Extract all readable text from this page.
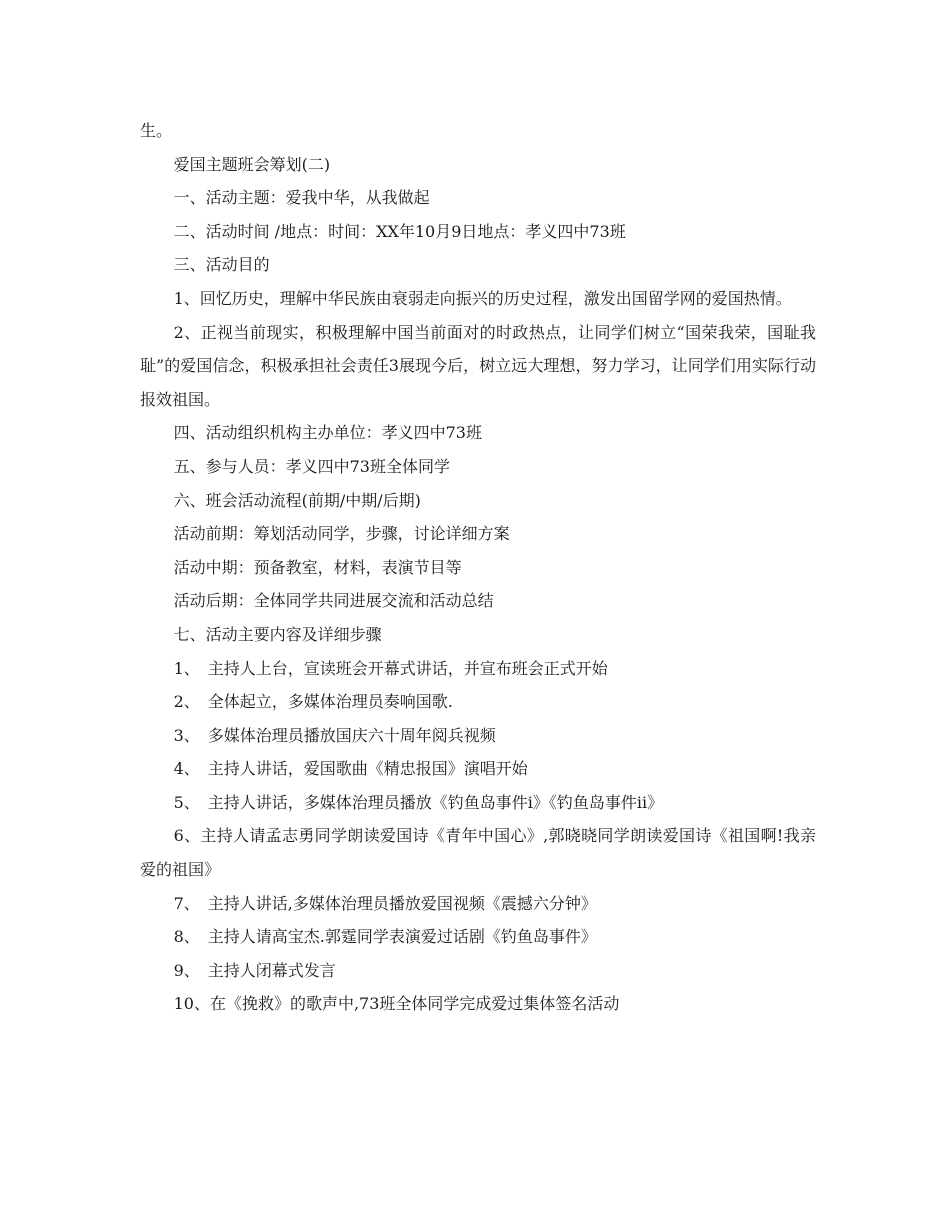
生。

爱国主题班会筹划(二)

一、活动主题：爱我中华，从我做起

二、活动时间 /地点：时间：XX年10月9日地点：孝义四中73班

三、活动目的

1、回忆历史，理解中华民族由衰弱走向振兴的历史过程，激发出国留学网的爱国热情。

2、正视当前现实，积极理解中国当前面对的时政热点，让同学们树立“国荣我荣，国耻我耻”的爱国信念，积极承担社会责任3展现今后，树立远大理想，努力学习，让同学们用实际行动报效祖国。

四、活动组织机构主办单位：孝义四中73班

五、参与人员：孝义四中73班全体同学

六、班会活动流程(前期/中期/后期)

活动前期：筹划活动同学，步骤，讨论详细方案

活动中期：预备教室，材料，表演节目等

活动后期：全体同学共同进展交流和活动总结

七、活动主要内容及详细步骤

1、　主持人上台，宣读班会开幕式讲话，并宣布班会正式开始

2、　全体起立，多媒体治理员奏响国歌.

3、　多媒体治理员播放国庆六十周年阅兵视频

4、　主持人讲话，爱国歌曲《精忠报国》演唱开始

5、　主持人讲话，多媒体治理员播放《钓鱼岛事件i》《钓鱼岛事件ii》

6、主持人请孟志勇同学朗读爱国诗《青年中国心》,郭晓晓同学朗读爱国诗《祖国啊!我亲爱的祖国》

7、　主持人讲话,多媒体治理员播放爱国视频《震撼六分钟》

8、　主持人请高宝杰.郭霆同学表演爱过话剧《钓鱼岛事件》

9、　主持人闭幕式发言

10、在《挽救》的歌声中,73班全体同学完成爱过集体签名活动
